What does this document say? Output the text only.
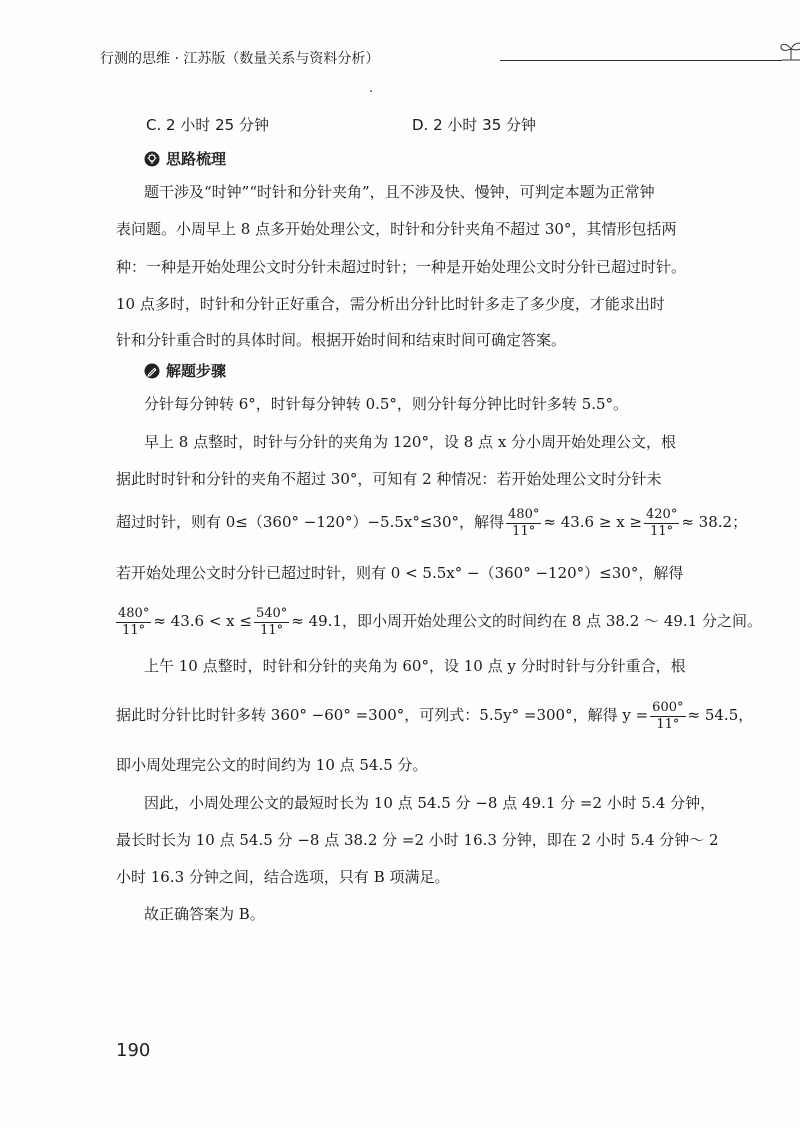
行测的思维 · 江苏版（数量关系与资料分析）
C. 2 小时 25 分钟	D. 2 小时 35 分钟
思路梳理
题干涉及“时钟”“时针和分针夹角”，且不涉及快、慢钟，可判定本题为正常钟
表问题。小周早上 8 点多开始处理公文，时针和分针夹角不超过 30°，其情形包括两
种：一种是开始处理公文时分针未超过时针；一种是开始处理公文时分针已超过时针。
10 点多时，时针和分针正好重合，需分析出分针比时针多走了多少度，才能求出时
针和分针重合时的具体时间。根据开始时间和结束时间可确定答案。
解题步骤
分针每分钟转 6°，时针每分钟转 0.5°，则分针每分钟比时针多转 5.5°。
早上 8 点整时，时针与分针的夹角为 120°，设 8 点 x 分小周开始处理公文，根
据此时时针和分针的夹角不超过 30°，可知有 2 种情况：若开始处理公文时分针未
超过时针，则有 0≤（360° −120°）−5.5x°≤30°，解得 $\frac{480^\circ}{11^\circ} \approx 43.6 \ge x \ge \frac{420^\circ}{11^\circ} \approx 38.2$；
若开始处理公文时分针已超过时针，则有 0 < 5.5x° −（360° −120°）≤30°，解得
$\frac{480^\circ}{11^\circ} \approx 43.6 < x \le \frac{540^\circ}{11^\circ} \approx 49.1$，即小周开始处理公文的时间约在 8 点 38.2 ～ 49.1 分之间。
上午 10 点整时，时针和分针的夹角为 60°，设 10 点 y 分时时针与分针重合，根
据此时分针比时针多转 360° −60° =300°，可列式：5.5y° =300°，解得 $y = \frac{600^\circ}{11^\circ} \approx 54.5$，
即小周处理完公文的时间约为 10 点 54.5 分。
因此，小周处理公文的最短时长为 10 点 54.5 分 −8 点 49.1 分 =2 小时 5.4 分钟，
最长时长为 10 点 54.5 分 −8 点 38.2 分 =2 小时 16.3 分钟，即在 2 小时 5.4 分钟～ 2
小时 16.3 分钟之间，结合选项，只有 B 项满足。
故正确答案为 B。
190
